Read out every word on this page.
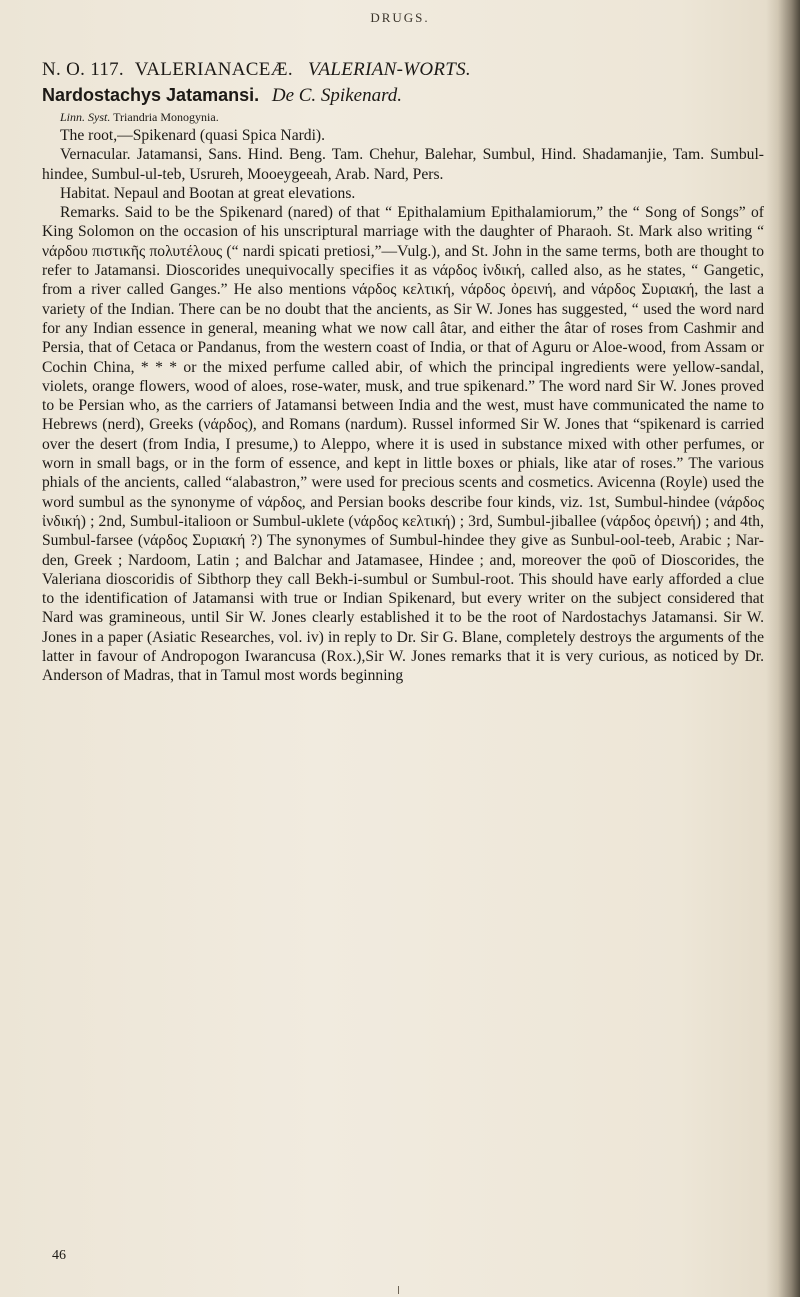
DRUGS.
N. O. 117. VALERIANACEÆ. VALERIAN-WORTS.
Nardostachys Jatamansi. De C. Spikenard.
Linn. Syst. Triandria Monogynia.

The root,—Spikenard (quasi Spica Nardi).

Vernacular. Jatamansi, Sans. Hind. Beng. Tam. Chehur, Balehar, Sumbul, Hind. Shadamanjie, Tam. Sumbul-hindee, Sumbul-ul-teb, Usrureh, Mooeygeeah, Arab. Nard, Pers.

Habitat. Nepaul and Bootan at great elevations.

Remarks. Said to be the Spikenard (nared) of that “ Epithalamium Epithalamiorum,” the “ Song of Songs” of King Solomon on the occasion of his unscriptural marriage with the daughter of Pharaoh. St. Mark also writing “ νάρδου πιστικῆς πολυτέλους (“ nardi spicati pretiosi,”—Vulg.), and St. John in the same terms, both are thought to refer to Jatamansi. Dioscorides unequivocally specifies it as νάρδος ἰνδική, called also, as he states, “ Gangetic, from a river called Ganges.” He also mentions νάρδος κελτική, νάρδος ὀρεινή, and νάρδος Συριακή, the last a variety of the Indian. There can be no doubt that the ancients, as Sir W. Jones has suggested, “ used the word nard for any Indian essence in general, meaning what we now call âtar, and either the âtar of roses from Cashmir and Persia, that of Cetaca or Pandanus, from the western coast of India, or that of Aguru or Aloe-wood, from Assam or Cochin China, * * * or the mixed perfume called abir, of which the principal ingredients were yellow-sandal, violets, orange flowers, wood of aloes, rose-water, musk, and true spikenard.” The word nard Sir W. Jones proved to be Persian who, as the carriers of Jatamansi between India and the west, must have communicated the name to Hebrews (nerd), Greeks (νάρδος), and Romans (nardum). Russel informed Sir W. Jones that “spikenard is carried over the desert (from India, I presume,) to Aleppo, where it is used in substance mixed with other perfumes, or worn in small bags, or in the form of essence, and kept in little boxes or phials, like atar of roses.” The various phials of the ancients, called “alabastron,” were used for precious scents and cosmetics. Avicenna (Royle) used the word sumbul as the synonyme of νάρδος, and Persian books describe four kinds, viz. 1st, Sumbul-hindee (νάρδος ἰνδική) ; 2nd, Sumbul-italioon or Sumbul-uklete (νάρδος κελτική) ; 3rd, Sumbul-jiballee (νάρδος ὀρεινή) ; and 4th, Sumbul-farsee (νάρδος Συριακή ?) The synonymes of Sumbul-hindee they give as Sunbul-ool-teeb, Arabic ; Nar-den, Greek ; Nardoom, Latin ; and Balchar and Jatamasee, Hindee ; and, moreover the φοῦ of Dioscorides, the Valeriana dioscoridis of Sibthorp they call Bekh-i-sumbul or Sumbul-root. This should have early afforded a clue to the identification of Jatamansi with true or Indian Spikenard, but every writer on the subject considered that Nard was gramineous, until Sir W. Jones clearly established it to be the root of Nardostachys Jatamansi. Sir W. Jones in a paper (Asiatic Researches, vol. iv) in reply to Dr. Sir G. Blane, completely destroys the arguments of the latter in favour of Andropogon Iwarancusa (Rox.),Sir W. Jones remarks that it is very curious, as noticed by Dr. Anderson of Madras, that in Tamul most words beginning

46
